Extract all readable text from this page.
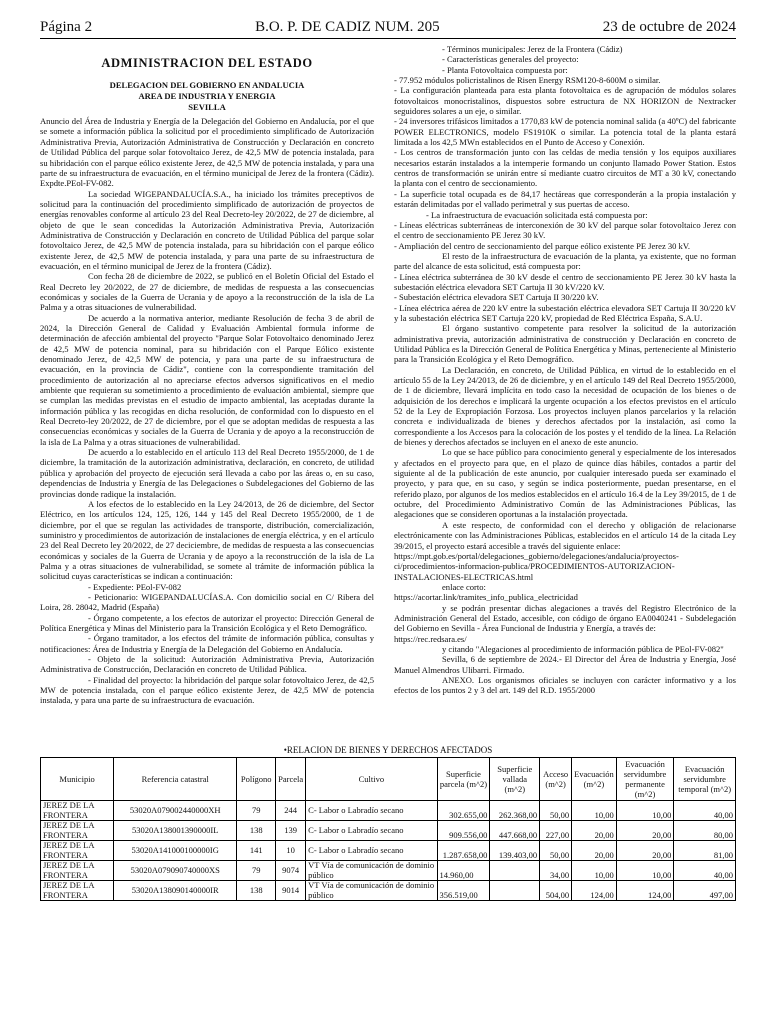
Página 2	B.O. P. DE CADIZ NUM. 205	23 de octubre de 2024
ADMINISTRACION DEL ESTADO
DELEGACION DEL GOBIERNO EN ANDALUCIA
AREA DE INDUSTRIA Y ENERGIA
SEVILLA

Anuncio del Área de Industria y Energía de la Delegación del Gobierno en Andalucía, por el que se somete a información pública la solicitud por el procedimiento simplificado de Autorización Administrativa Previa, Autorización Administrativa de Construcción y Declaración en concreto de Utilidad Pública del parque solar fotovoltaico Jerez, de 42,5 MW de potencia instalada, para su hibridación con el parque eólico existente Jerez, de 42,5 MW de potencia instalada, y para una parte de su infraestructura de evacuación, en el término municipal de Jerez de la frontera (Cádiz). Expdte.PEol-FV-082.

La sociedad WIGEPANDALUCÍA.S.A., ha iniciado los trámites preceptivos de solicitud para la continuación del procedimiento simplificado de autorización de proyectos de energías renovables conforme al artículo 23 del Real Decreto-ley 20/2022, de 27 de diciembre, al objeto de que le sean concedidas la Autorización Administrativa Previa, Autorización Administrativa de Construcción y Declaración en concreto de Utilidad Pública del parque solar fotovoltaico Jerez, de 42,5 MW de potencia instalada, para su hibridación con el parque eólico existente Jerez, de 42,5 MW de potencia instalada, y para una parte de su infraestructura de evacuación, en el término municipal de Jerez de la frontera (Cádiz).

Con fecha 28 de diciembre de 2022, se publicó en el Boletín Oficial del Estado el Real Decreto ley 20/2022, de 27 de diciembre, de medidas de respuesta a las consecuencias económicas y sociales de la Guerra de Ucrania y de apoyo a la reconstrucción de la isla de La Palma y a otras situaciones de vulnerabilidad.

De acuerdo a la normativa anterior, mediante Resolución de fecha 3 de abril de 2024, la Dirección General de Calidad y Evaluación Ambiental formula informe de determinación de afección ambiental del proyecto "Parque Solar Fotovoltaico denominado Jerez de 42,5 MW de potencia nominal, para su hibridación con el Parque Eólico existente denominado Jerez, de 42,5 MW de potencia, y para una parte de su infraestructura de evacuación, en la provincia de Cádiz", contiene con la correspondiente tramitación del procedimiento de autorización al no apreciarse efectos adversos significativos en el medio ambiente que requieran su sometimiento a procedimiento de evaluación ambiental, siempre que se cumplan las medidas previstas en el estudio de impacto ambiental, las aceptadas durante la información pública y las recogidas en dicha resolución, de conformidad con lo dispuesto en el Real Decreto-ley 20/2022, de 27 de diciembre, por el que se adoptan medidas de respuesta a las consecuencias económicas y sociales de la Guerra de Ucrania y de apoyo a la reconstrucción de la isla de La Palma y a otras situaciones de vulnerabilidad.

De acuerdo a lo establecido en el artículo 113 del Real Decreto 1955/2000, de 1 de diciembre, la tramitación de la autorización administrativa, declaración, en concreto, de utilidad pública y aprobación del proyecto de ejecución será llevada a cabo por las áreas o, en su caso, dependencias de Industria y Energía de las Delegaciones o Subdelegaciones del Gobierno de las provincias donde radique la instalación.

A los efectos de lo establecido en la Ley 24/2013, de 26 de diciembre, del Sector Eléctrico, en los artículos 124, 125, 126, 144 y 145 del Real Decreto 1955/2000, de 1 de diciembre, por el que se regulan las actividades de transporte, distribución, comercialización, suministro y procedimientos de autorización de instalaciones de energía eléctrica, y en el artículo 23 del Real Decreto ley 20/2022, de 27 deciciembre, de medidas de respuesta a las consecuencias económicas y sociales de la Guerra de Ucrania y de apoyo a la reconstrucción de la isla de La Palma y a otras situaciones de vulnerabilidad, se somete al trámite de información pública la solicitud cuyas características se indican a continuación:

- Expediente: PEol-FV-082

- Peticionario: WIGEPANDALUCÍAS.A. Con domicilio social en C/ Ribera del Loira, 28. 28042, Madrid (España)

- Órgano competente, a los efectos de autorizar el proyecto: Dirección General de Política Energética y Minas del Ministerio para la Transición Ecológica y el Reto Demográfico.

- Órgano tramitador, a los efectos del trámite de información pública, consultas y notificaciones: Área de Industria y Energía de la Delegación del Gobierno en Andalucía.

- Objeto de la solicitud: Autorización Administrativa Previa, Autorización Administrativa de Construcción, Declaración en concreto de Utilidad Pública.

- Finalidad del proyecto: la hibridación del parque solar fotovoltaico Jerez, de 42,5 MW de potencia instalada, con el parque eólico existente Jerez, de 42,5 MW de potencia instalada, y para una parte de su infraestructura de evacuación.

- Términos municipales: Jerez de la Frontera (Cádiz)

- Características generales del proyecto:

- Planta Fotovoltaica compuesta por:

- 77.952 módulos policristalinos de Risen Energy RSM120-8-600M o similar.

- La configuración planteada para esta planta fotovoltaica es de agrupación de módulos solares fotovoltaicos monocristalinos, dispuestos sobre estructura de NX HORIZON de Nextracker seguidores solares a un eje, o similar.

- 24 inversores trifásicos limitados a 1770,83 kW de potencia nominal salida (a 40ºC) del fabricante POWER ELECTRONICS, modelo FS1910K o similar. La potencia total de la planta estará limitada a los 42,5 MWn establecidos en el Punto de Acceso y Conexión.

- Los centros de transformación junto con las celdas de media tensión y los equipos auxiliares necesarios estarán instalados a la intemperie formando un conjunto llamado Power Station. Estos centros de transformación se unirán entre sí mediante cuatro circuitos de MT a 30 kV, conectando la planta con el centro de seccionamiento.

- La superficie total ocupada es de 84,17 hectáreas que corresponderán a la propia instalación y estarán delimitadas por el vallado perimetral y sus puertas de acceso.

- La infraestructura de evacuación solicitada está compuesta por:

- Líneas eléctricas subterráneas de interconexión de 30 kV del parque solar fotovoltaico Jerez con el centro de seccionamiento PE Jerez 30 kV.

- Ampliación del centro de seccionamiento del parque eólico existente PE Jerez 30 kV.

El resto de la infraestructura de evacuación de la planta, ya existente, que no forman parte del alcance de esta solicitud, está compuesta por:

- Línea eléctrica subterránea de 30 kV desde el centro de seccionamiento PE Jerez 30 kV hasta la subestación eléctrica elevadora SET Cartuja II 30 kV/220 kV.

- Subestación eléctrica elevadora SET Cartuja II 30/220 kV.

- Línea eléctrica aérea de 220 kV entre la subestación eléctrica elevadora SET Cartuja II 30/220 kV y la subestación eléctrica SET Cartuja 220 kV, propiedad de Red Eléctrica España, S.A.U.

El órgano sustantivo competente para resolver la solicitud de la autorización administrativa previa, autorización administrativa de construcción y Declaración en concreto de Utilidad Pública es la Dirección General de Política Energética y Minas, perteneciente al Ministerio para la Transición Ecológica y el Reto Demográfico.

La Declaración, en concreto, de Utilidad Pública, en virtud de lo establecido en el artículo 55 de la Ley 24/2013, de 26 de diciembre, y en el artículo 149 del Real Decreto 1955/2000, de 1 de diciembre, llevará implícita en todo caso la necesidad de ocupación de los bienes o de adquisición de los derechos e implicará la urgente ocupación a los efectos previstos en el artículo 52 de la Ley de Expropiación Forzosa. Los proyectos incluyen planos parcelarios y la relación concreta e individualizada de bienes y derechos afectados por la instalación, así como la correspondiente a los Accesos para la colocación de los postes y el tendido de la línea. La Relación de bienes y derechos afectados se incluyen en el anexo de este anuncio.

Lo que se hace público para conocimiento general y especialmente de los interesados y afectados en el proyecto para que, en el plazo de quince días hábiles, contados a partir del siguiente al de la publicación de este anuncio, por cualquier interesado pueda ser examinado el proyecto, y para que, en su caso, y según se indica posteriormente, puedan presentarse, en el referido plazo, por algunos de los medios establecidos en el artículo 16.4 de la Ley 39/2015, de 1 de octubre, del Procedimiento Administrativo Común de las Administraciones Públicas, las alegaciones que se consideren oportunas a la instalación proyectada.

A este respecto, de conformidad con el derecho y obligación de relacionarse electrónicamente con las Administraciones Públicas, establecidos en el artículo 14 de la citada Ley 39/2015, el proyecto estará accesible a través del siguiente enlace:

https://mpt.gob.es/portal/delegaciones_gobierno/delegaciones/andalucia/proyectos-ci/procedimientos-informacion-publica/PROCEDIMIENTOS-AUTORIZACION-INSTALACIONES-ELECTRICAS.html

enlace corto:

https://acortar.link/tramites_info_publica_electricidad

y se podrán presentar dichas alegaciones a través del Registro Electrónico de la Administración General del Estado, accesible, con código de órgano EA0040241 - Subdelegación del Gobierno en Sevilla - Área Funcional de Industria y Energía, a través de:

https://rec.redsara.es/

y citando "Alegaciones al procedimiento de información pública de PEol-FV-082"

Sevilla, 6 de septiembre de 2024.- El Director del Área de Industria y Energía, José Manuel Almendros Ulibarri. Firmado.

ANEXO. Los organismos oficiales se incluyen con carácter informativo y a los efectos de los puntos 2 y 3 del art. 149 del R.D. 1955/2000

•RELACION DE BIENES Y DERECHOS AFECTADOS
Municipio	Referencia catastral	Polígono	Parcela	Cultivo	Superficie parcela (m^2)	Superficie vallada (m^2)	Acceso (m^2)	Evacuación (m^2)	Evacuación servidumbre permanente (m^2)	Evacuación servidumbre temporal (m^2)
JEREZ DE LA FRONTERA	53020A079002440000XH	79	244	C- Labor o Labradío secano	302.655,00	262.368,00	50,00	10,00	10,00	40,00
JEREZ DE LA FRONTERA	53020A138001390000IL	138	139	C- Labor o Labradío secano	909.556,00	447.668,00	227,00	20,00	20,00	80,00
JEREZ DE LA FRONTERA	53020A141000100000IG	141	10	C- Labor o Labradío secano	1.287.658,00	139.403,00	50,00	20,00	20,00	81,00
JEREZ DE LA FRONTERA	53020A079090740000XS	79	9074	VT Vía de comunicación de dominio público	14.960,00		34,00	10,00	10,00	40,00
JEREZ DE LA FRONTERA	53020A138090140000IR	138	9014	VT Vía de comunicación de dominio público	356.519,00		504,00	124,00	124,00	497,00
